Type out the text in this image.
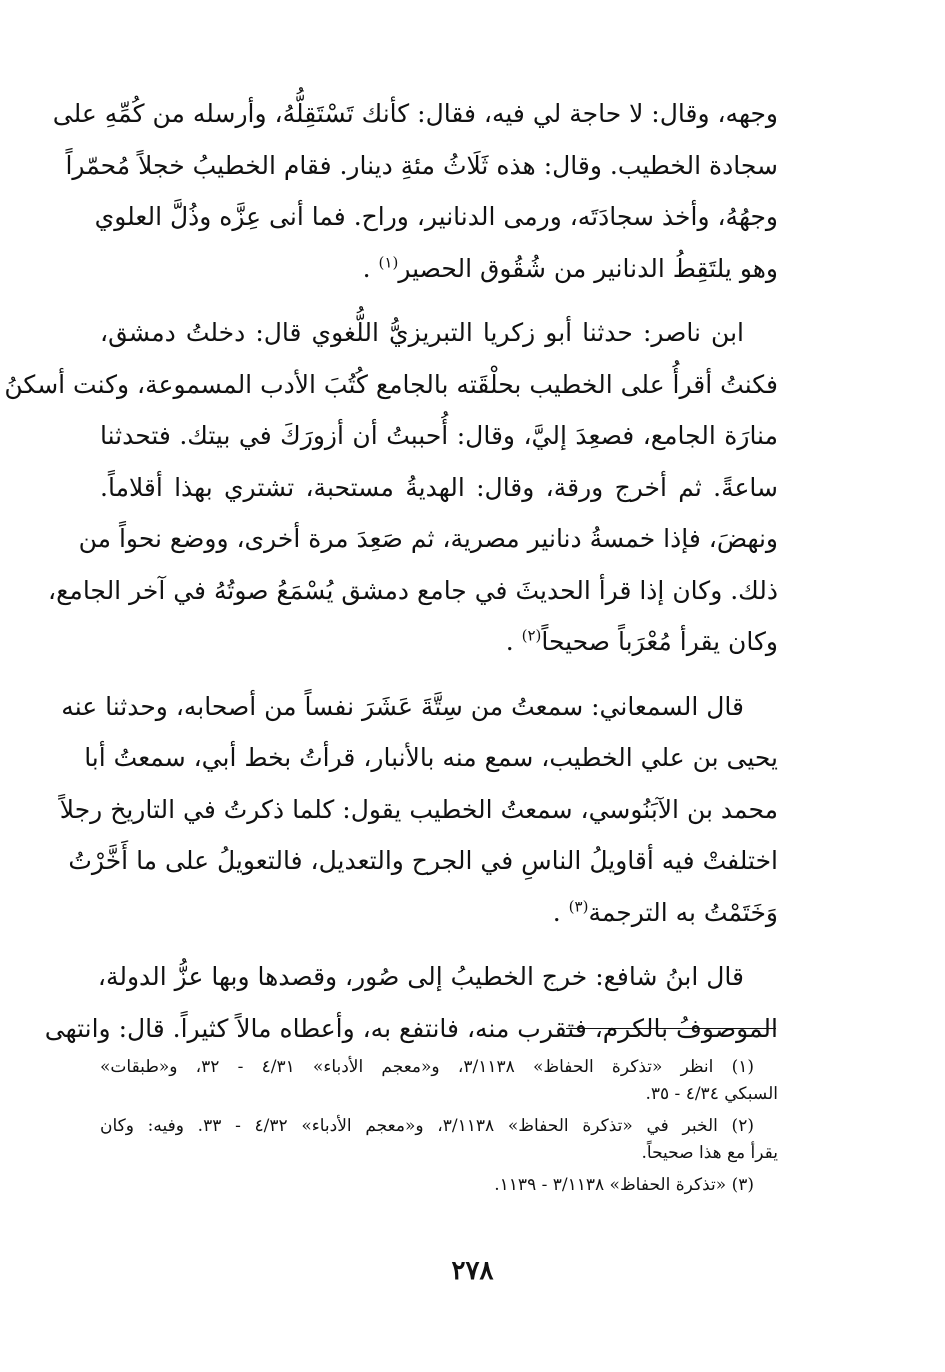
وجهه، وقال: لا حاجة لي فيه، فقال: كأنك تَسْتَقِلُّهُ، وأرسله من كُمِّهِ على
سجادة الخطيب. وقال: هذه ثَلَاثُ مئةِ دينار. فقام الخطيبُ خجلاً مُحمّراً
وجهُهُ، وأخذ سجادَتَه، ورمى الدنانير، وراح. فما أنى عِزَّه وذُلَّ العلوي
وهو يلتَقِطُ الدنانير من شُقُوق الحصير$^{(١)}$ .
ابن ناصر: حدثنا أبو زكريا التبريزيُّ اللُّغوي قال: دخلتُ دمشق،
فكنتُ أقرأُ على الخطيب بحلْقَته بالجامع كُتُبَ الأدب المسموعة، وكنت أسكنُ
منارَة الجامع، فصعِدَ إليَّ، وقال: أُحببتُ أن أزورَكَ في بيتك. فتحدثنا
ساعةً. ثم أخرج ورقة، وقال: الهديةُ مستحبة، تشتري بهذا أقلاماً.
ونهضَ، فإذا خمسةُ دنانير مصرية، ثم صَعِدَ مرة أخرى، ووضع نحواً من
ذلك. وكان إذا قرأ الحديثَ في جامع دمشق يُسْمَعُ صوتُهُ في آخر الجامع،
وكان يقرأ مُعْرَباً صحيحاً$^{(٢)}$ .
قال السمعاني: سمعتُ من سِتَّةَ عَشَرَ نفساً من أصحابه، وحدثنا عنه
يحيى بن علي الخطيب، سمع منه بالأنبار، قرأتُ بخط أبي، سمعتُ أبا
محمد بن الآبَنُوسي، سمعتُ الخطيب يقول: كلما ذكرتُ في التاريخ رجلاً
اختلفتْ فيه أقاويلُ الناسِ في الجرح والتعديل، فالتعويلُ على ما أَخَّرْتُ
وَخَتَمْتُ به الترجمة$^{(٣)}$ .
قال ابنُ شافع: خرج الخطيبُ إلى صُور، وقصدها وبها عزُّ الدولة،
الموصوفُ بالكرم، فتقرب منه، فانتفع به، وأعطاه مالاً كثيراً. قال: وانتهى
(١) انظر «تذكرة الحفاظ» ٣/١١٣٨، و«معجم الأدباء» ٤/٣١ - ٣٢، و«طبقات»
السبكي ٤/٣٤ - ٣٥.
(٢) الخبر في «تذكرة الحفاظ» ٣/١١٣٨، و«معجم الأدباء» ٤/٣٢ - ٣٣. وفيه: وكان
يقرأ مع هذا صحيحاً.
(٣) «تذكرة الحفاظ» ٣/١١٣٨ - ١١٣٩.
٢٧٨
